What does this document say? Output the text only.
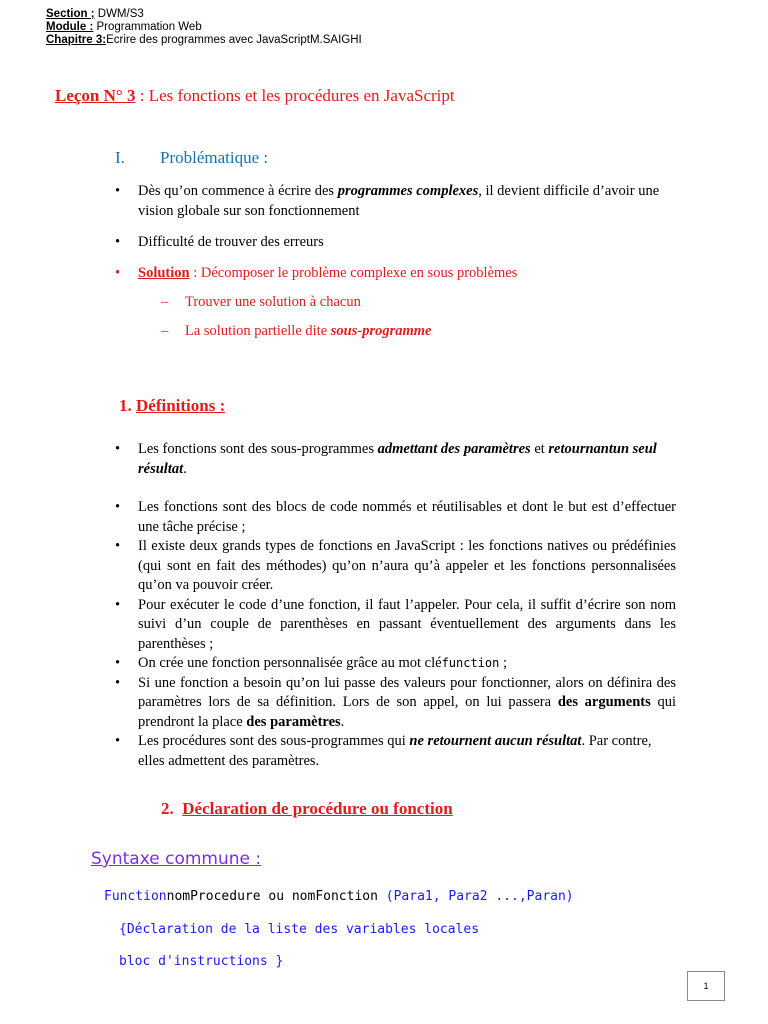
Section ; DWM/S3
Module : Programmation Web
Chapitre 3:Ecrire des programmes avec JavaScriptM.SAIGHI
Leçon N° 3 : Les fonctions et les procédures en JavaScript
I. Problématique :
• Dès qu’on commence à écrire des programmes complexes, il devient difficile d’avoir une vision globale sur son fonctionnement
• Difficulté de trouver des erreurs
• Solution : Décomposer le problème complexe en sous problèmes
– Trouver une solution à chacun
– La solution partielle dite sous-programme
1. Définitions :
• Les fonctions sont des sous-programmes admettant des paramètres et retournantun seul résultat.
• Les fonctions sont des blocs de code nommés et réutilisables et dont le but est d’effectuer une tâche précise ;
• Il existe deux grands types de fonctions en JavaScript : les fonctions natives ou prédéfinies (qui sont en fait des méthodes) qu’on n’aura qu’à appeler et les fonctions personnalisées qu’on va pouvoir créer.
• Pour exécuter le code d’une fonction, il faut l’appeler. Pour cela, il suffit d’écrire son nom suivi d’un couple de parenthèses en passant éventuellement des arguments dans les parenthèses ;
• On crée une fonction personnalisée grâce au mot cléfunction ;
• Si une fonction a besoin qu’on lui passe des valeurs pour fonctionner, alors on définira des paramètres lors de sa définition. Lors de son appel, on lui passera des arguments qui prendront la place des paramètres.
• Les procédures sont des sous-programmes qui ne retournent aucun résultat. Par contre, elles admettent des paramètres.
2. Déclaration de procédure ou fonction
Syntaxe commune :
FunctionnomProcedure ou nomFonction (Para1, Para2 ...,Paran)
{Déclaration de la liste des variables locales
bloc d'instructions }
1
